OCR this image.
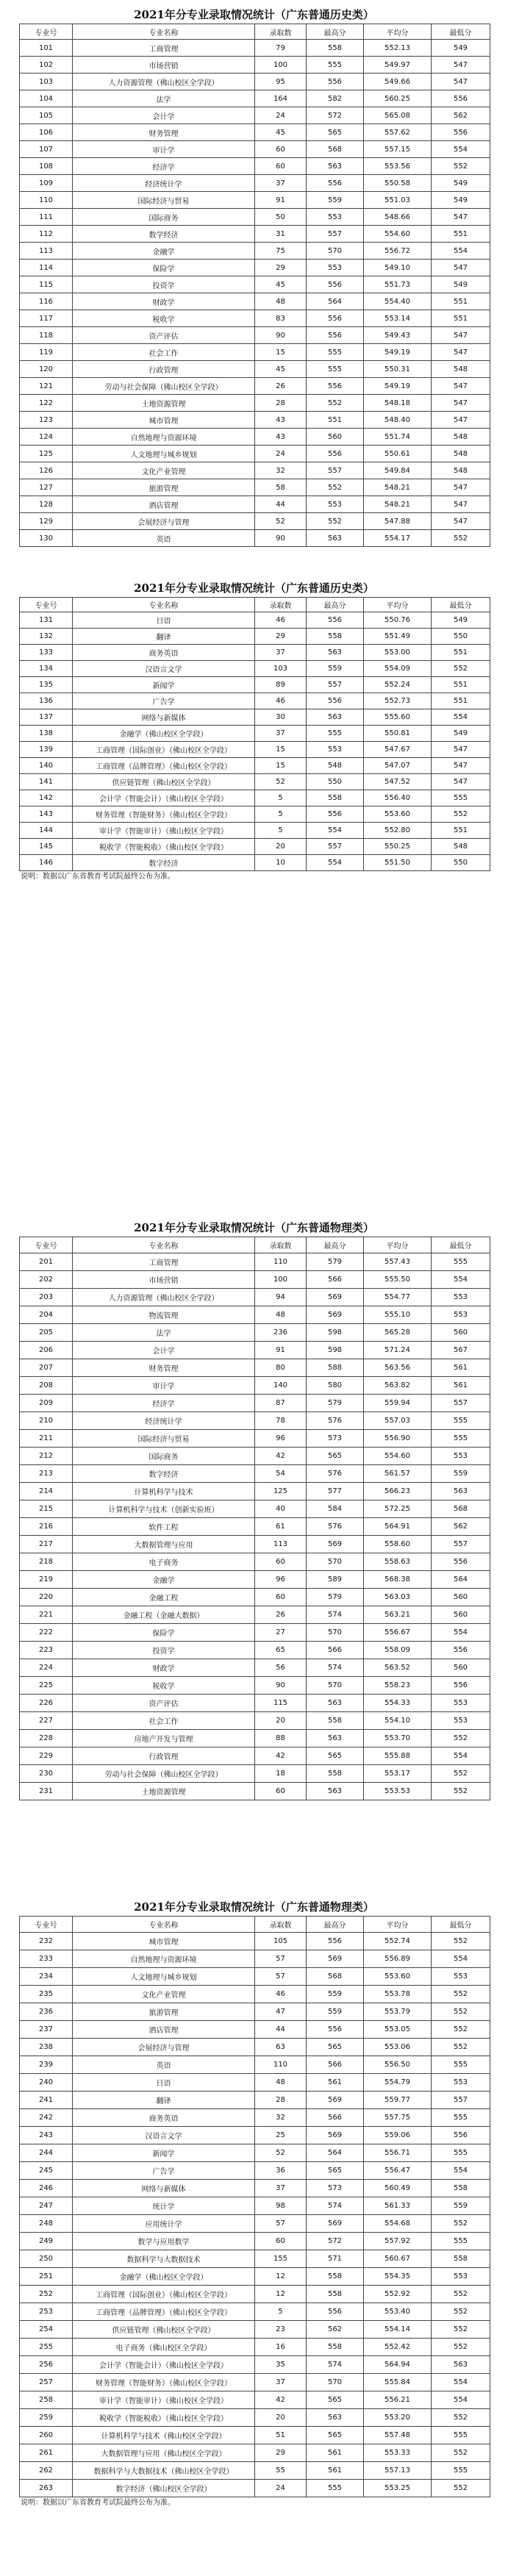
2021年分专业录取情况统计（广东普通历史类）
专业号	专业名称	录取数	最高分	平均分	最低分
101	工商管理	79	558	552.13	549
102	市场营销	100	555	549.97	547
103	人力资源管理（佛山校区全学段）	95	556	549.66	547
104	法学	164	582	560.25	556
105	会计学	24	572	565.08	562
106	财务管理	45	565	557.62	556
107	审计学	60	568	557.15	554
108	经济学	60	563	553.56	552
109	经济统计学	37	556	550.58	549
110	国际经济与贸易	91	559	551.03	549
111	国际商务	50	553	548.66	547
112	数学经济	31	557	554.60	551
113	金融学	75	570	556.72	554
114	保险学	29	553	549.10	547
115	投资学	45	556	551.73	549
116	财政学	48	564	554.40	551
117	税收学	83	556	553.14	551
118	资产评估	90	556	549.43	547
119	社会工作	15	555	549.19	547
120	行政管理	45	555	550.31	548
121	劳动与社会保障（佛山校区全学段）	26	556	549.19	547
122	土地资源管理	28	552	548.18	547
123	城市管理	43	551	548.40	547
124	自然地理与资源环境	43	560	551.74	548
125	人文地理与城乡规划	24	556	550.61	548
126	文化产业管理	32	557	549.84	548
127	旅游管理	58	552	548.21	547
128	酒店管理	44	553	548.21	547
129	会展经济与管理	52	552	547.88	547
130	英语	90	563	554.17	552
2021年分专业录取情况统计（广东普通历史类）
专业号	专业名称	录取数	最高分	平均分	最低分
131	日语	46	556	550.76	549
132	翻译	29	558	551.49	550
133	商务英语	37	563	553.00	551
134	汉语言文学	103	559	554.09	552
135	新闻学	89	557	552.24	551
136	广告学	46	556	552.73	551
137	网络与新媒体	30	563	555.60	554
138	金融学（佛山校区全学段）	37	555	550.81	549
139	工商管理（国际创业）（佛山校区全学段）	15	553	547.67	547
140	工商管理（品牌管理）（佛山校区全学段）	15	548	547.07	547
141	供应链管理（佛山校区全学段）	52	550	547.52	547
142	会计学（智能会计）（佛山校区全学段）	5	558	556.40	555
143	财务管理（智能财务）（佛山校区全学段）	5	556	553.60	552
144	审计学（智能审计）（佛山校区全学段）	5	554	552.80	551
145	税收学（智能税收）（佛山校区全学段）	20	557	550.25	548
146	数字经济	10	554	551.50	550
说明：数据以广东省教育考试院最终公布为准。
2021年分专业录取情况统计（广东普通物理类）
专业号	专业名称	录取数	最高分	平均分	最低分
201	工商管理	110	579	557.43	555
202	市场营销	100	566	555.50	554
203	人力资源管理（佛山校区全学段）	94	569	554.77	553
204	物流管理	48	569	555.10	553
205	法学	236	598	565.28	560
206	会计学	91	598	571.24	567
207	财务管理	80	588	563.56	561
208	审计学	140	580	563.82	561
209	经济学	87	579	559.94	557
210	经济统计学	78	576	557.03	555
211	国际经济与贸易	96	573	556.90	555
212	国际商务	42	565	554.60	553
213	数字经济	54	576	561.57	559
214	计算机科学与技术	125	577	566.23	563
215	计算机科学与技术（创新实验班）	40	584	572.25	568
216	软件工程	61	576	564.91	562
217	大数据管理与应用	113	569	558.60	557
218	电子商务	60	570	558.63	556
219	金融学	96	589	568.38	564
220	金融工程	60	579	563.03	560
221	金融工程（金融大数据）	26	574	563.21	560
222	保险学	27	570	556.67	554
223	投资学	65	566	558.09	556
224	财政学	56	574	563.52	560
225	税收学	90	570	558.23	556
226	资产评估	115	563	554.33	553
227	社会工作	20	558	554.10	553
228	房地产开发与管理	88	563	553.70	552
229	行政管理	42	565	555.88	554
230	劳动与社会保障（佛山校区全学段）	18	558	553.17	552
231	土地资源管理	60	563	553.53	552
2021年分专业录取情况统计（广东普通物理类）
专业号	专业名称	录取数	最高分	平均分	最低分
232	城市管理	105	556	552.74	552
233	自然地理与资源环境	57	569	556.89	554
234	人文地理与城乡规划	57	568	553.60	553
235	文化产业管理	46	559	553.78	552
236	旅游管理	47	559	553.79	552
237	酒店管理	44	556	553.05	552
238	会展经济与管理	63	565	553.06	552
239	英语	110	566	556.50	555
240	日语	48	561	554.79	553
241	翻译	28	569	559.77	557
242	商务英语	32	566	557.75	555
243	汉语言文学	25	569	559.06	556
244	新闻学	52	564	556.71	555
245	广告学	36	565	556.47	554
246	网络与新媒体	37	573	560.49	558
247	统计学	98	574	561.33	559
248	应用统计学	57	569	554.68	552
249	数学与应用数学	60	572	557.92	555
250	数据科学与大数据技术	155	571	560.67	558
251	金融学（佛山校区全学段）	12	558	554.35	553
252	工商管理（国际创业）（佛山校区全学段）	12	558	552.92	552
253	工商管理（品牌管理）（佛山校区全学段）	5	556	553.40	552
254	供应链管理（佛山校区全学段）	23	562	554.14	552
255	电子商务（佛山校区全学段）	16	558	552.42	552
256	会计学（智能会计）（佛山校区全学段）	35	574	564.94	563
257	财务管理（智能财务）（佛山校区全学段）	37	570	555.84	554
258	审计学（智能审计）（佛山校区全学段）	42	565	556.21	554
259	税收学（智能税收）（佛山校区全学段）	20	563	553.20	552
260	计算机科学与技术（佛山校区全学段）	51	565	557.48	555
261	大数据管理与应用（佛山校区全学段）	29	561	553.33	552
262	数据科学与大数据技术（佛山校区全学段）	55	561	557.13	555
263	数字经济（佛山校区全学段）	24	555	553.25	552
说明：数据以广东省教育考试院最终公布为准。
